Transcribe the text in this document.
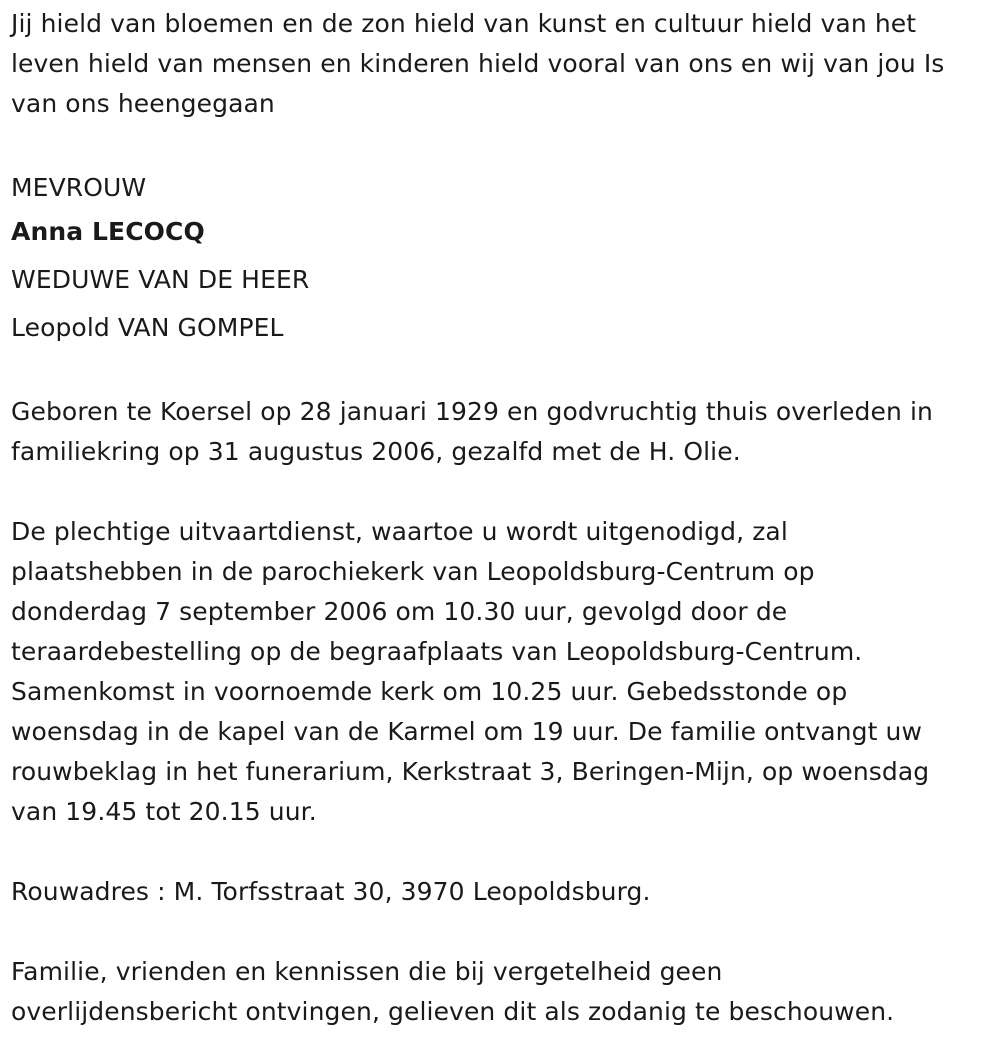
Jij hield van bloemen en de zon hield van kunst en cultuur hield van het
leven hield van mensen en kinderen hield vooral van ons en wij van jou Is
van ons heengegaan

MEVROUW
Anna LECOCQ
WEDUWE VAN DE HEER
Leopold VAN GOMPEL

Geboren te Koersel op 28 januari 1929 en godvruchtig thuis overleden in
familiekring op 31 augustus 2006, gezalfd met de H. Olie.

De plechtige uitvaartdienst, waartoe u wordt uitgenodigd, zal
plaatshebben in de parochiekerk van Leopoldsburg-Centrum op
donderdag 7 september 2006 om 10.30 uur, gevolgd door de
teraardebestelling op de begraafplaats van Leopoldsburg-Centrum.
Samenkomst in voornoemde kerk om 10.25 uur. Gebedsstonde op
woensdag in de kapel van de Karmel om 19 uur. De familie ontvangt uw
rouwbeklag in het funerarium, Kerkstraat 3, Beringen-Mijn, op woensdag
van 19.45 tot 20.15 uur.

Rouwadres : M. Torfsstraat 30, 3970 Leopoldsburg.

Familie, vrienden en kennissen die bij vergetelheid geen
overlijdensbericht ontvingen, gelieven dit als zodanig te beschouwen.
